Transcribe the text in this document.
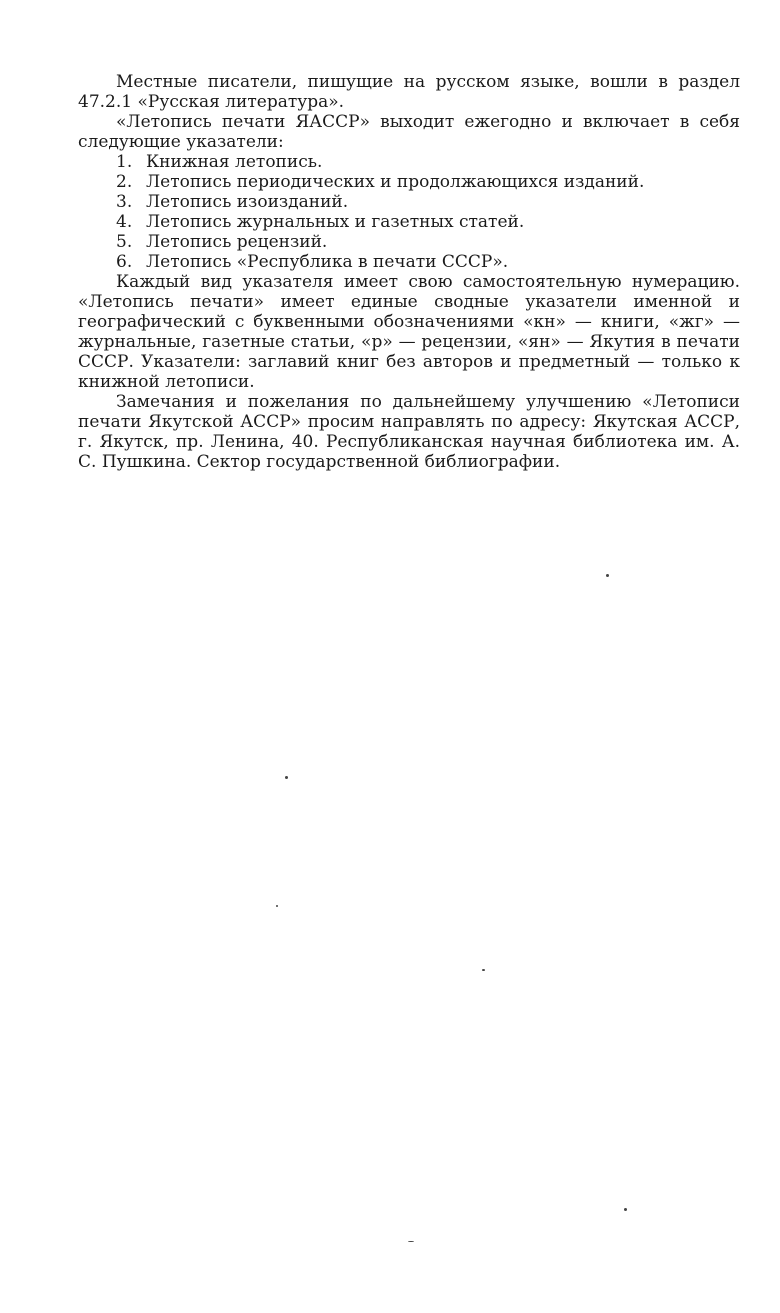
Местные писатели, пишущие на русском языке, вошли в раздел 47.2.1 «Русская литература».

«Летопись печати ЯАССР» выходит ежегодно и включает в себя следующие указатели:

1. Книжная летопись.
2. Летопись периодических и продолжающихся изданий.
3. Летопись изоизданий.
4. Летопись журнальных и газетных статей.
5. Летопись рецензий.
6. Летопись «Республика в печати СССР».

Каждый вид указателя имеет свою самостоятельную нумерацию. «Летопись печати» имеет единые сводные указатели именной и географический с буквенными обозначениями «кн» — книги, «жг» — журнальные, газетные статьи, «р» — рецензии, «ян» — Якутия в печати СССР. Указатели: заглавий книг без авторов и предметный — только к книжной летописи.

Замечания и пожелания по дальнейшему улучшению «Летописи печати Якутской АССР» просим направлять по адресу: Якутская АССР, г. Якутск, пр. Ленина, 40. Республиканская научная библиотека им. А. С. Пушкина. Сектор государственной библиографии.
